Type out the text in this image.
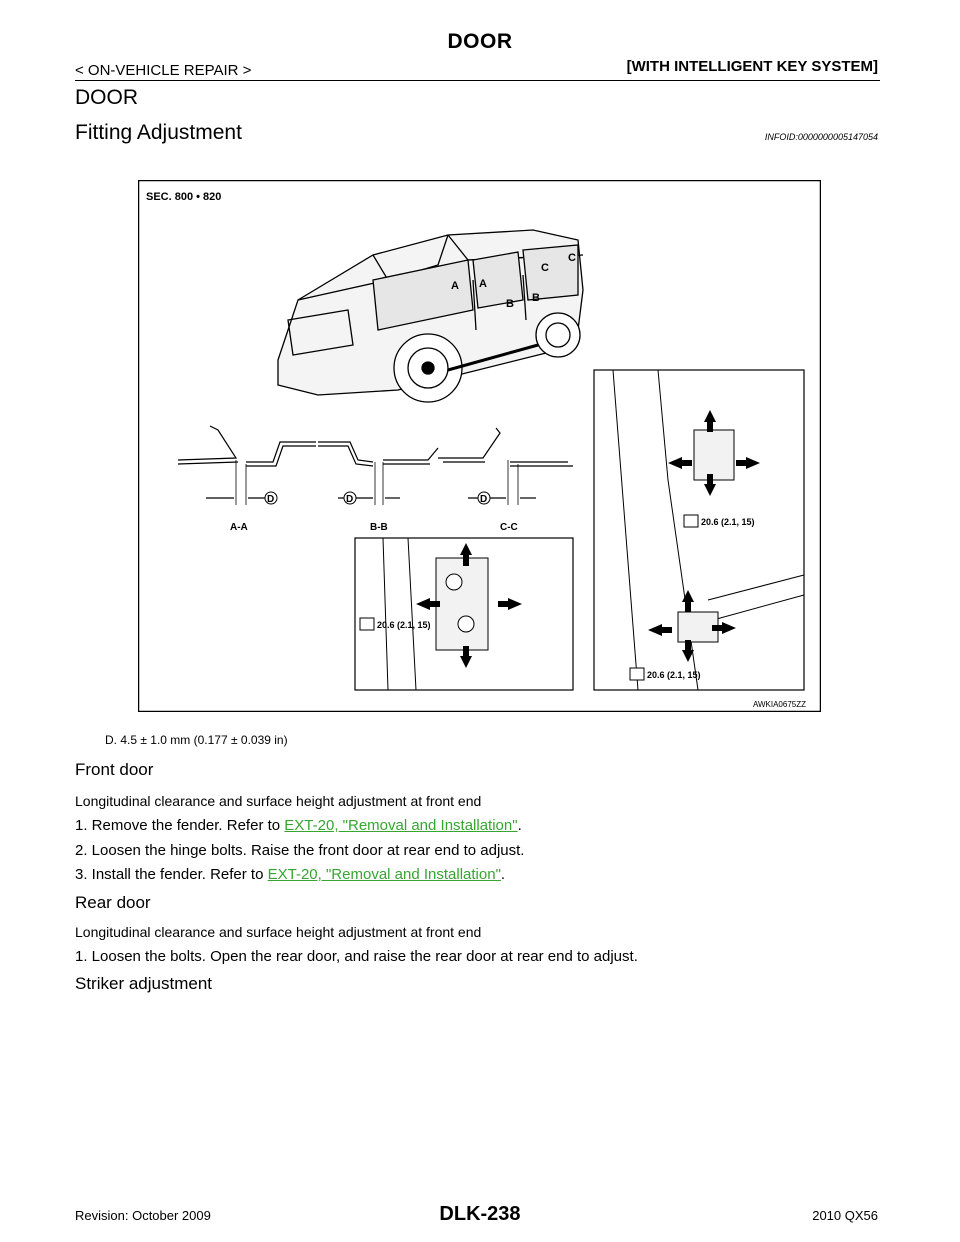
DOOR
< ON-VEHICLE REPAIR >	[WITH INTELLIGENT KEY SYSTEM]
DOOR
Fitting Adjustment	INFOID:0000000005147054
SEC. 800 • 820
A A
B B
C
C
D	D	D
A-A	B-B	C-C
20.6 (2.1, 15)
20.6 (2.1, 15)
20.6 (2.1, 15)
AWKIA0675ZZ
D. 4.5 ± 1.0 mm (0.177 ± 0.039 in)
Front door
Longitudinal clearance and surface height adjustment at front end
1. Remove the fender. Refer to EXT-20, "Removal and Installation".
2. Loosen the hinge bolts. Raise the front door at rear end to adjust.
3. Install the fender. Refer to EXT-20, "Removal and Installation".
Rear door
Longitudinal clearance and surface height adjustment at front end
1. Loosen the bolts. Open the rear door, and raise the rear door at rear end to adjust.
Striker adjustment
Revision: October 2009	DLK-238	2010 QX56
